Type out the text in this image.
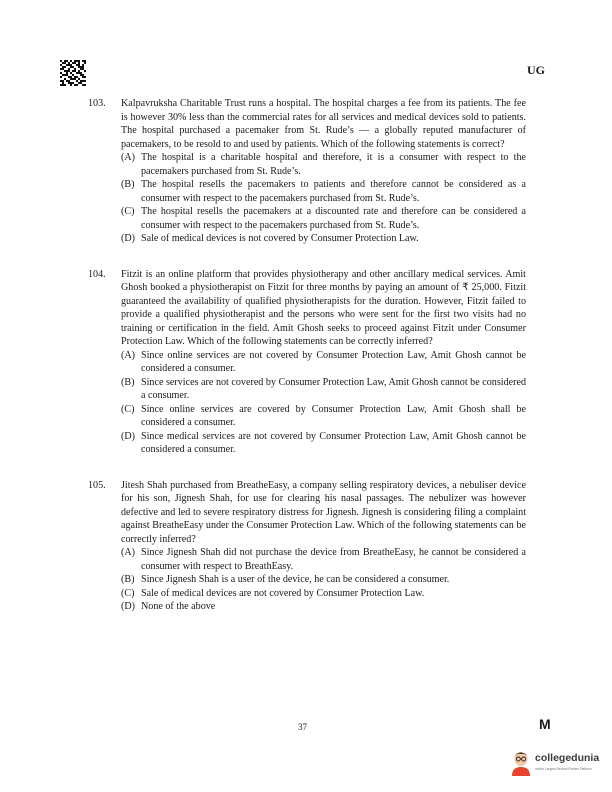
UG
103. Kalpavruksha Charitable Trust runs a hospital. The hospital charges a fee from its patients. The fee is however 30% less than the commercial rates for all services and medical devices sold to patients. The hospital purchased a pacemaker from St. Rude’s — a globally reputed manufacturer of pacemakers, to be resold to and used by patients. Which of the following statements is correct?
(A) The hospital is a charitable hospital and therefore, it is a consumer with respect to the pacemakers purchased from St. Rude’s.
(B) The hospital resells the pacemakers to patients and therefore cannot be considered as a consumer with respect to the pacemakers purchased from St. Rude’s.
(C) The hospital resells the pacemakers at a discounted rate and therefore can be considered a consumer with respect to the pacemakers purchased from St. Rude’s.
(D) Sale of medical devices is not covered by Consumer Protection Law.
104. Fitzit is an online platform that provides physiotherapy and other ancillary medical services. Amit Ghosh booked a physiotherapist on Fitzit for three months by paying an amount of ₹ 25,000. Fitzit guaranteed the availability of qualified physiotherapists for the duration. However, Fitzit failed to provide a qualified physiotherapist and the persons who were sent for the first two visits had no training or certification in the field. Amit Ghosh seeks to proceed against Fitzit under Consumer Protection Law. Which of the following statements can be correctly inferred?
(A) Since online services are not covered by Consumer Protection Law, Amit Ghosh cannot be considered a consumer.
(B) Since services are not covered by Consumer Protection Law, Amit Ghosh cannot be considered a consumer.
(C) Since online services are covered by Consumer Protection Law, Amit Ghosh shall be considered a consumer.
(D) Since medical services are not covered by Consumer Protection Law, Amit Ghosh cannot be considered a consumer.
105. Jitesh Shah purchased from BreatheEasy, a company selling respiratory devices, a nebuliser device for his son, Jignesh Shah, for use for clearing his nasal passages. The nebulizer was however defective and led to severe respiratory distress for Jignesh. Jignesh is considering filing a complaint against BreatheEasy under the Consumer Protection Law. Which of the following statements can be correctly inferred?
(A) Since Jignesh Shah did not purchase the device from BreatheEasy, he cannot be considered a consumer with respect to BreathEasy.
(B) Since Jignesh Shah is a user of the device, he can be considered a consumer.
(C) Sale of medical devices are not covered by Consumer Protection Law.
(D) None of the above
37	M
collegedunia
India's Largest Student Review Platform
